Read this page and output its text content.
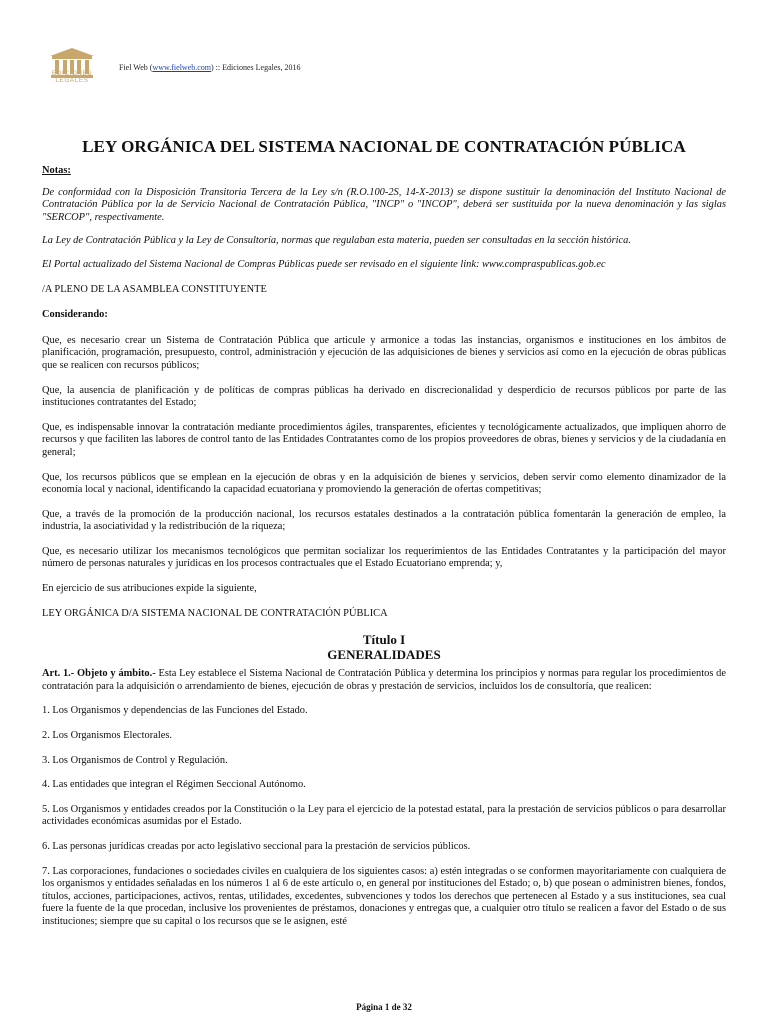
EDICIONES LEGALES
Fiel Web (www.fielweb.com) :: Ediciones Legales, 2016
LEY ORGÁNICA DEL SISTEMA NACIONAL DE CONTRATACIÓN PÚBLICA

Notas:

De conformidad con la Disposición Transitoria Tercera de la Ley s/n (R.O.100-2S, 14-X-2013) se dispone sustituir la denominación del Instituto Nacional de Contratación Pública por la de Servicio Nacional de Contratación Pública, "INCP" o "INCOP", deberá ser sustituida por la nueva denominación y las siglas "SERCOP", respectivamente.

La Ley de Contratación Pública y la Ley de Consultoría, normas que regulaban esta materia, pueden ser consultadas en la sección histórica.

El Portal actualizado del Sistema Nacional de Compras Públicas puede ser revisado en el siguiente link: www.compraspublicas.gob.ec

/A PLENO DE LA ASAMBLEA CONSTITUYENTE

Considerando:

Que, es necesario crear un Sistema de Contratación Pública que articule y armonice a todas las instancias, organismos e instituciones en los ámbitos de planificación, programación, presupuesto, control, administración y ejecución de las adquisiciones de bienes y servicios así como en la ejecución de obras públicas que se realicen con recursos públicos;

Que, la ausencia de planificación y de políticas de compras públicas ha derivado en discrecionalidad y desperdicio de recursos públicos por parte de las instituciones contratantes del Estado;

Que, es indispensable innovar la contratación mediante procedimientos ágiles, transparentes, eficientes y tecnológicamente actualizados, que impliquen ahorro de recursos y que faciliten las labores de control tanto de las Entidades Contratantes como de los propios proveedores de obras, bienes y servicios y de la ciudadanía en general;

Que, los recursos públicos que se emplean en la ejecución de obras y en la adquisición de bienes y servicios, deben servir como elemento dinamizador de la economía local y nacional, identificando la capacidad ecuatoriana y promoviendo la generación de ofertas competitivas;

Que, a través de la promoción de la producción nacional, los recursos estatales destinados a la contratación pública fomentarán la generación de empleo, la industria, la asociatividad y la redistribución de la riqueza;

Que, es necesario utilizar los mecanismos tecnológicos que permitan socializar los requerimientos de las Entidades Contratantes y la participación del mayor número de personas naturales y jurídicas en los procesos contractuales que el Estado Ecuatoriano emprenda; y,

En ejercicio de sus atribuciones expide la siguiente,

LEY ORGÁNICA D/A SISTEMA NACIONAL DE CONTRATACIÓN PÚBLICA

Título I

GENERALIDADES

Art. 1.- Objeto y ámbito.- Esta Ley establece el Sistema Nacional de Contratación Pública y determina los principios y normas para regular los procedimientos de contratación para la adquisición o arrendamiento de bienes, ejecución de obras y prestación de servicios, incluidos los de consultoría, que realicen:

1. Los Organismos y dependencias de las Funciones del Estado.

2. Los Organismos Electorales.

3. Los Organismos de Control y Regulación.

4. Las entidades que integran el Régimen Seccional Autónomo.

5. Los Organismos y entidades creados por la Constitución o la Ley para el ejercicio de la potestad estatal, para la prestación de servicios públicos o para desarrollar actividades económicas asumidas por el Estado.

6. Las personas jurídicas creadas por acto legislativo seccional para la prestación de servicios públicos.

7. Las corporaciones, fundaciones o sociedades civiles en cualquiera de los siguientes casos: a) estén integradas o se conformen mayoritariamente con cualquiera de los organismos y entidades señaladas en los números 1 al 6 de este artículo o, en general por instituciones del Estado; o, b) que posean o administren bienes, fondos, títulos, acciones, participaciones, activos, rentas, utilidades, excedentes, subvenciones y todos los derechos que pertenecen al Estado y a sus instituciones, sea cual fuere la fuente de la que procedan, inclusive los provenientes de préstamos, donaciones y entregas que, a cualquier otro título se realicen a favor del Estado o de sus instituciones; siempre que su capital o los recursos que se le asignen, esté

Página 1 de 32
